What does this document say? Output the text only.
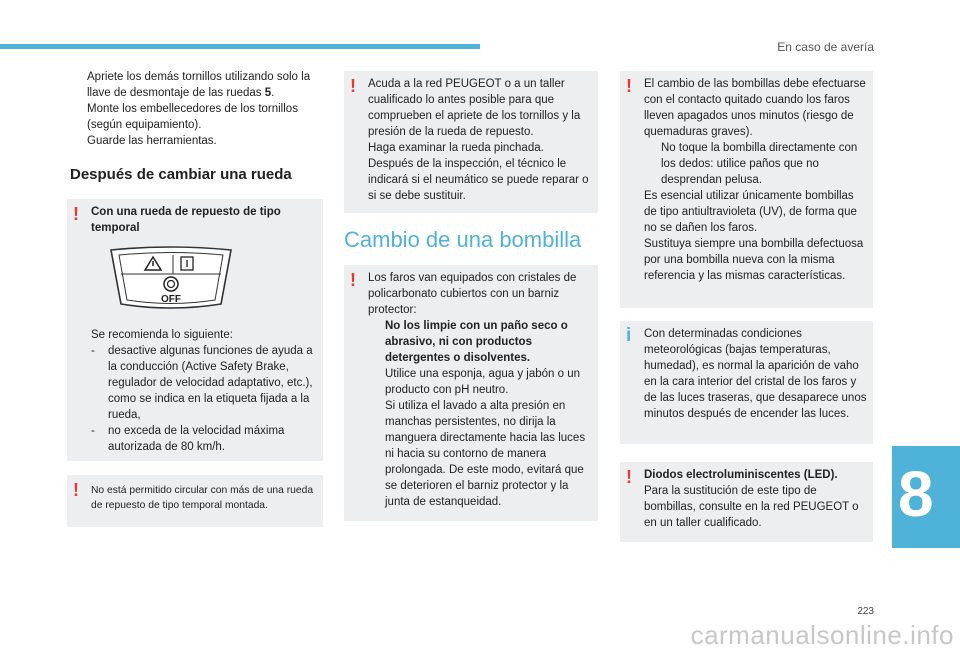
En caso de avería
Apriete los demás tornillos utilizando solo la llave de desmontaje de las ruedas 5.
Monte los embellecedores de los tornillos (según equipamiento).
Guarde las herramientas.
Después de cambiar una rueda
! Con una rueda de repuesto de tipo temporal
OFF
Se recomienda lo siguiente:
- desactive algunas funciones de ayuda a la conducción (Active Safety Brake, regulador de velocidad adaptativo, etc.), como se indica en la etiqueta fijada a la rueda,
- no exceda de la velocidad máxima autorizada de 80 km/h.
! No está permitido circular con más de una rueda de repuesto de tipo temporal montada.
! Acuda a la red PEUGEOT o a un taller cualificado lo antes posible para que comprueben el apriete de los tornillos y la presión de la rueda de repuesto.
Haga examinar la rueda pinchada. Después de la inspección, el técnico le indicará si el neumático se puede reparar o si se debe sustituir.
Cambio de una bombilla
! Los faros van equipados con cristales de policarbonato cubiertos con un barniz protector:
No los limpie con un paño seco o abrasivo, ni con productos detergentes o disolventes.
Utilice una esponja, agua y jabón o un producto con pH neutro.
Si utiliza el lavado a alta presión en manchas persistentes, no dirija la manguera directamente hacia las luces ni hacia su contorno de manera prolongada. De este modo, evitará que se deterioren el barniz protector y la junta de estanqueidad.
! El cambio de las bombillas debe efectuarse con el contacto quitado cuando los faros lleven apagados unos minutos (riesgo de quemaduras graves).
No toque la bombilla directamente con los dedos: utilice paños que no desprendan pelusa.
Es esencial utilizar únicamente bombillas de tipo antiultravioleta (UV), de forma que no se dañen los faros.
Sustituya siempre una bombilla defectuosa por una bombilla nueva con la misma referencia y las mismas características.
i Con determinadas condiciones meteorológicas (bajas temperaturas, humedad), es normal la aparición de vaho en la cara interior del cristal de los faros y de las luces traseras, que desaparece unos minutos después de encender las luces.
! Diodos electroluminiscentes (LED).
Para la sustitución de este tipo de bombillas, consulte en la red PEUGEOT o en un taller cualificado.	8
223
carmanualsonline.info
